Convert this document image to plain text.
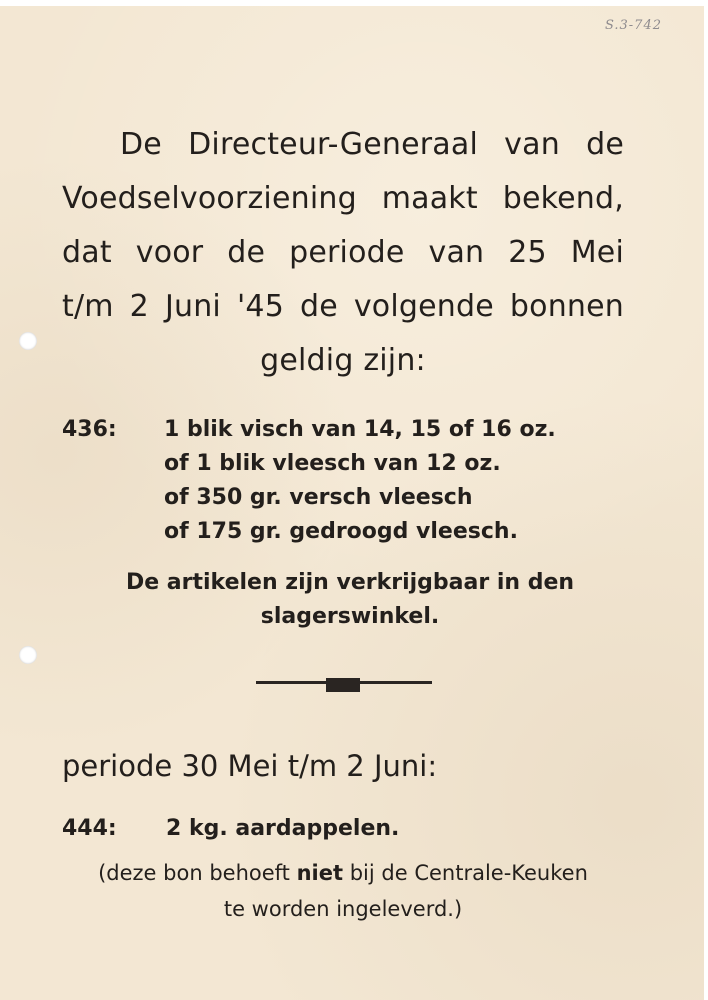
S.3-742
De Directeur-Generaal van de
Voedselvoorziening maakt bekend,
dat voor de periode van 25 Mei
t/m 2 Juni '45 de volgende bonnen
geldig zijn:
436: 1 blik visch van 14, 15 of 16 oz.
of 1 blik vleesch van 12 oz.
of 350 gr. versch vleesch
of 175 gr. gedroogd vleesch.
De artikelen zijn verkrijgbaar in den
slagerswinkel.
periode 30 Mei t/m 2 Juni:
444: 2 kg. aardappelen.
(deze bon behoeft niet bij de Centrale-Keuken
te worden ingeleverd.)
